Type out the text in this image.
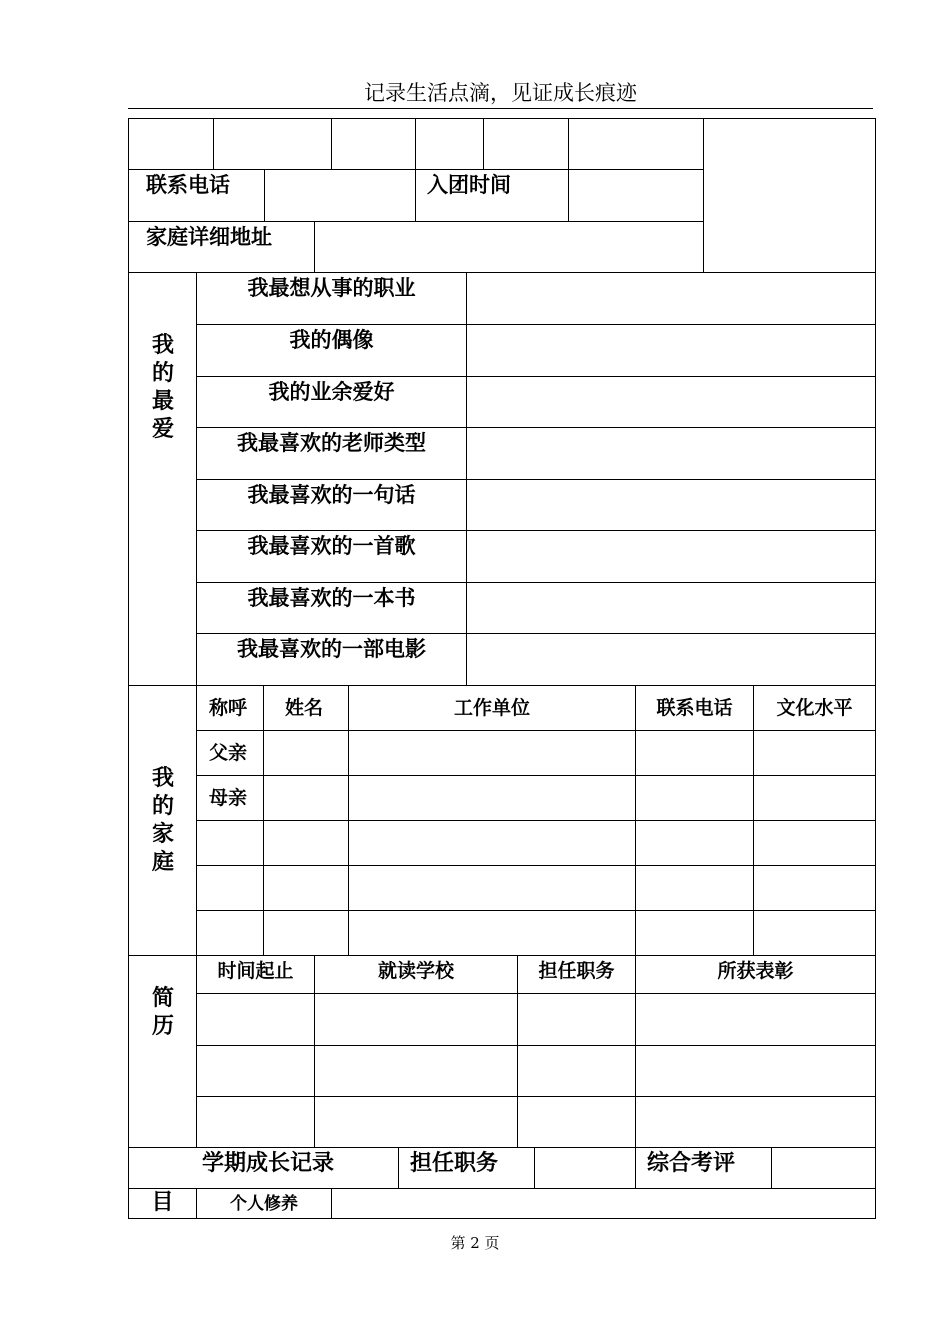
记录生活点滴，见证成长痕迹
联系电话	入团时间
家庭详细地址
我
的
最
爱
我最想从事的职业
我的偶像
我的业余爱好
我最喜欢的老师类型
我最喜欢的一句话
我最喜欢的一首歌
我最喜欢的一本书
我最喜欢的一部电影
我
的
家
庭
称呼 姓名	工作单位	联系电话	文化水平
父亲
母亲
简
历
时间起止	就读学校	担任职务	所获表彰
学期成长记录	担任职务	综合考评
目	个人修养
第 2 页
